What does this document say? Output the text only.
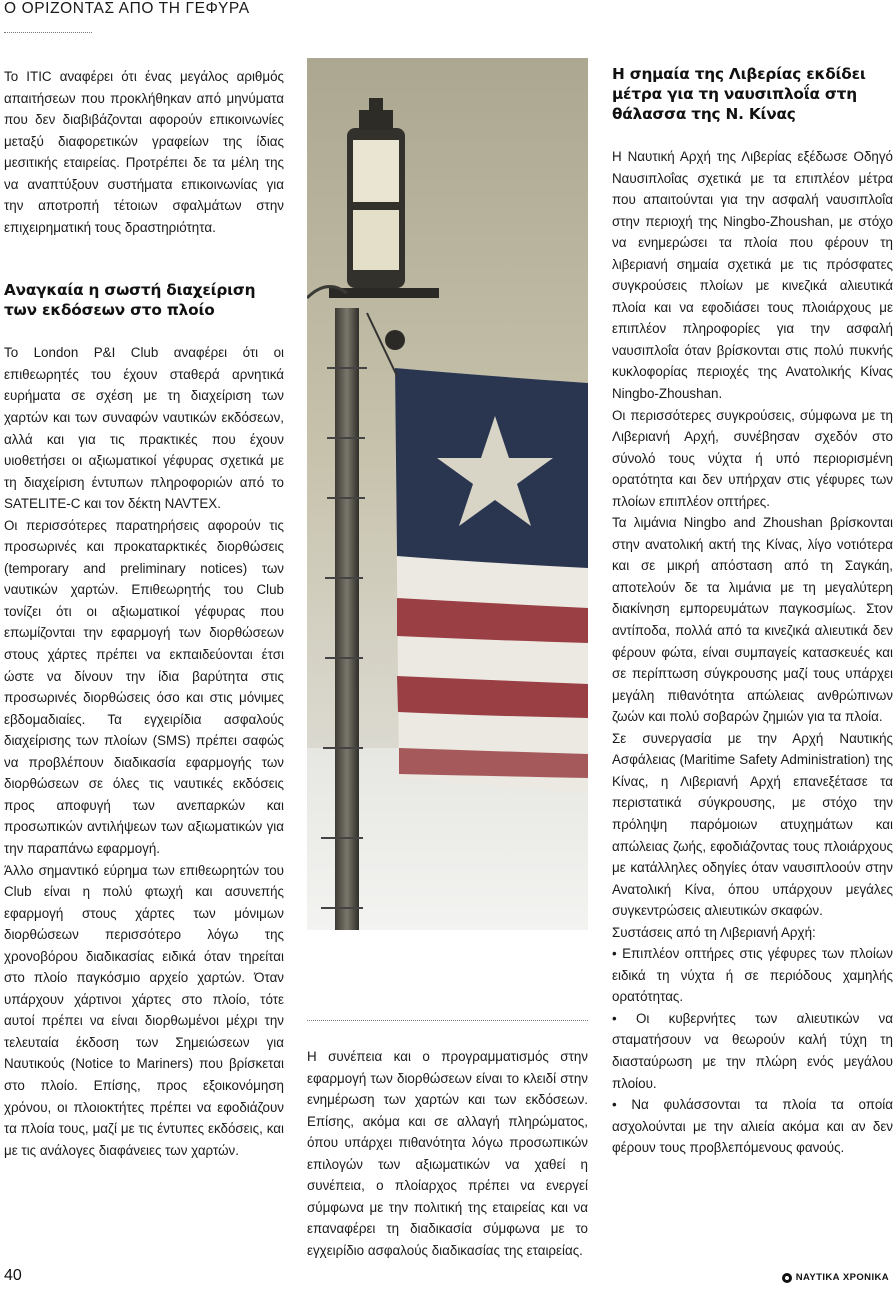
Ο ΟΡΙΖΟΝΤΑΣ ΑΠΟ ΤΗ ΓΕΦΥΡΑ

Το ITIC αναφέρει ότι ένας μεγάλος αριθμός απαιτήσεων που προκλήθηκαν από μηνύματα που δεν διαβιβάζονται αφορούν επικοινωνίες μεταξύ διαφορετικών γραφείων της ίδιας μεσιτικής εταιρείας. Προτρέπει δε τα μέλη της να αναπτύξουν συστήματα επικοινωνίας για την αποτροπή τέτοιων σφαλμάτων στην επιχειρηματική τους δραστηριότητα.

Αναγκαία η σωστή διαχείριση των εκδόσεων στο πλοίο

Το London P&I Club αναφέρει ότι οι επιθεωρητές του έχουν σταθερά αρνητικά ευρήματα σε σχέση με τη διαχείριση των χαρτών και των συναφών ναυτικών εκδόσεων, αλλά και για τις πρακτικές που έχουν υιοθετήσει οι αξιωματικοί γέφυρας σχετικά με τη διαχείριση έντυπων πληροφοριών από το SATELITE-C και τον δέκτη NAVTEX.

Οι περισσότερες παρατηρήσεις αφορούν τις προσωρινές και προκαταρκτικές διορθώσεις (temporary and preliminary notices) των ναυτικών χαρτών. Επιθεωρητής του Club τονίζει ότι οι αξιωματικοί γέφυρας που επωμίζονται την εφαρμογή των διορθώσεων στους χάρτες πρέπει να εκπαιδεύονται έτσι ώστε να δίνουν την ίδια βαρύτητα στις προσωρινές διορθώσεις όσο και στις μόνιμες εβδομαδιαίες. Τα εγχειρίδια ασφαλούς διαχείρισης των πλοίων (SMS) πρέπει σαφώς να προβλέπουν διαδικασία εφαρμογής των διορθώσεων σε όλες τις ναυτικές εκδόσεις προς αποφυγή των ανεπαρκών και προσωπικών αντιλήψεων των αξιωματικών για την παραπάνω εφαρμογή.

Άλλο σημαντικό εύρημα των επιθεωρητών του Club είναι η πολύ φτωχή και ασυνεπής εφαρμογή στους χάρτες των μόνιμων διορθώσεων περισσότερο λόγω της χρονοβόρου διαδικασίας ειδικά όταν τηρείται στο πλοίο παγκόσμιο αρχείο χαρτών. Όταν υπάρχουν χάρτινοι χάρτες στο πλοίο, τότε αυτοί πρέπει να είναι διορθωμένοι μέχρι την τελευταία έκδοση των Σημειώσεων για Ναυτικούς (Notice to Mariners) που βρίσκεται στο πλοίο. Επίσης, προς εξοικονόμηση χρόνου, οι πλοιοκτήτες πρέπει να εφοδιάζουν τα πλοία τους, μαζί με τις έντυπες εκδόσεις, και με τις ανάλογες διαφάνειες των χαρτών.

Η συνέπεια και ο προγραμματισμός στην εφαρμογή των διορθώσεων είναι το κλειδί στην ενημέρωση των χαρτών και των εκδόσεων. Επίσης, ακόμα και σε αλλαγή πληρώματος, όπου υπάρχει πιθανότητα λόγω προσωπικών επιλογών των αξιωματικών να χαθεί η συνέπεια, ο πλοίαρχος πρέπει να ενεργεί σύμφωνα με την πολιτική της εταιρείας και να επαναφέρει τη διαδικασία σύμφωνα με το εγχειρίδιο ασφαλούς διαδικασίας της εταιρείας.

Η σημαία της Λιβερίας εκδίδει μέτρα για τη ναυσιπλοΐα στη θάλασσα της Ν. Κίνας

Η Ναυτική Αρχή της Λιβερίας εξέδωσε Οδηγό Ναυσιπλοΐας σχετικά με τα επιπλέον μέτρα που απαιτούνται για την ασφαλή ναυσιπλοΐα στην περιοχή της Ningbo-Zhoushan, με στόχο να ενημερώσει τα πλοία που φέρουν τη λιβεριανή σημαία σχετικά με τις πρόσφατες συγκρούσεις πλοίων με κινεζικά αλιευτικά πλοία και να εφοδιάσει τους πλοιάρχους με επιπλέον πληροφορίες για την ασφαλή ναυσιπλοΐα όταν βρίσκονται στις πολύ πυκνής κυκλοφορίας περιοχές της Ανατολικής Κίνας Ningbo-Zhoushan.

Οι περισσότερες συγκρούσεις, σύμφωνα με τη Λιβεριανή Αρχή, συνέβησαν σχεδόν στο σύνολό τους νύχτα ή υπό περιορισμένη ορατότητα και δεν υπήρχαν στις γέφυρες των πλοίων επιπλέον οπτήρες.

Τα λιμάνια Ningbo and Zhoushan βρίσκονται στην ανατολική ακτή της Κίνας, λίγο νοτιότερα και σε μικρή απόσταση από τη Σαγκάη, αποτελούν δε τα λιμάνια με τη μεγαλύτερη διακίνηση εμπορευμάτων παγκοσμίως. Στον αντίποδα, πολλά από τα κινεζικά αλιευτικά δεν φέρουν φώτα, είναι συμπαγείς κατασκευές και σε περίπτωση σύγκρουσης μαζί τους υπάρχει μεγάλη πιθανότητα απώλειας ανθρώπινων ζωών και πολύ σοβαρών ζημιών για τα πλοία.

Σε συνεργασία με την Αρχή Ναυτικής Ασφάλειας (Maritime Safety Administration) της Κίνας, η Λιβεριανή Αρχή επανεξέτασε τα περιστατικά σύγκρουσης, με στόχο την πρόληψη παρόμοιων ατυχημάτων και απώλειας ζωής, εφοδιάζοντας τους πλοιάρχους με κατάλληλες οδηγίες όταν ναυσιπλοούν στην Ανατολική Κίνα, όπου υπάρχουν μεγάλες συγκεντρώσεις αλιευτικών σκαφών.

Συστάσεις από τη Λιβεριανή Αρχή:

• Επιπλέον οπτήρες στις γέφυρες των πλοίων ειδικά τη νύχτα ή σε περιόδους χαμηλής ορατότητας.

• Οι κυβερνήτες των αλιευτικών να σταματήσουν να θεωρούν καλή τύχη τη διασταύρωση με την πλώρη ενός μεγάλου πλοίου.

• Να φυλάσσονται τα πλοία τα οποία ασχολούνται με την αλιεία ακόμα και αν δεν φέρουν τους προβλεπόμενους φανούς.

40	ΝΑΥΤΙΚΑ ΧΡΟΝΙΚΑ
